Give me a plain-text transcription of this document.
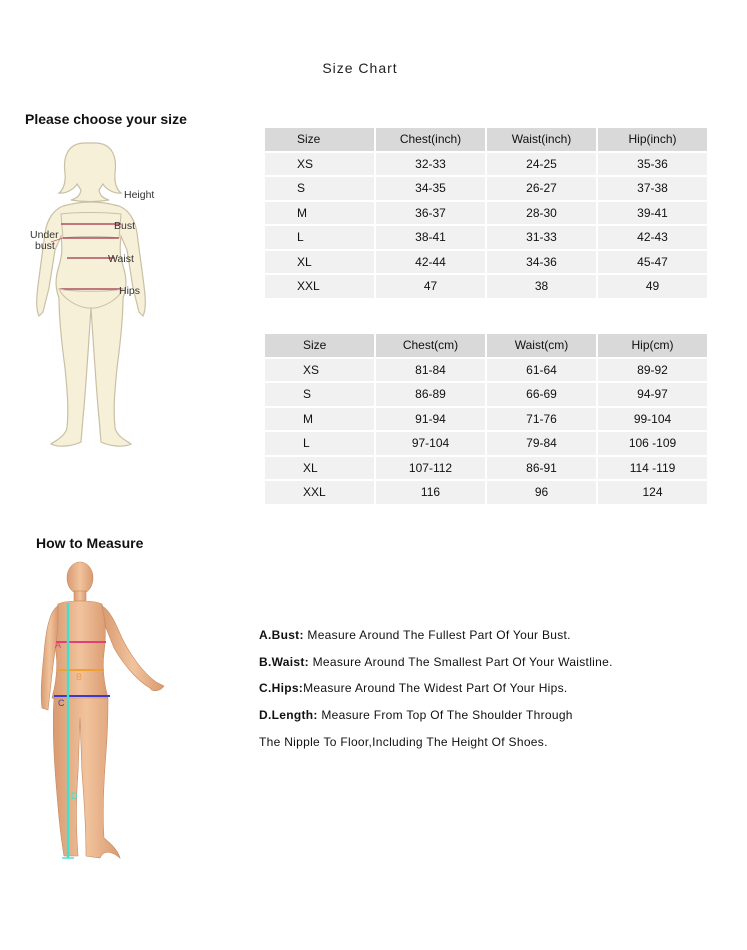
Size Chart
Please choose your size
Height
Bust
Under
bust
Waist
Hips
Size	Chest(inch)	Waist(inch)	Hip(inch)
XS	32-33	24-25	35-36
S	34-35	26-27	37-38
M	36-37	28-30	39-41
L	38-41	31-33	42-43
XL	42-44	34-36	45-47
XXL	47	38	49
Size	Chest(cm)	Waist(cm)	Hip(cm)
XS	81-84	61-64	89-92
S	86-89	66-69	94-97
M	91-94	71-76	99-104
L	97-104	79-84	106 -109
XL	107-112	86-91	114 -119
XXL	116	96	124
How to Measure
A
B
C
D
A.Bust: Measure Around The Fullest Part Of Your Bust.
B.Waist: Measure Around The Smallest Part Of Your Waistline.
C.Hips:Measure Around The Widest Part Of Your Hips.
D.Length: Measure From Top Of The Shoulder Through
The Nipple To Floor,Including The Height Of Shoes.
